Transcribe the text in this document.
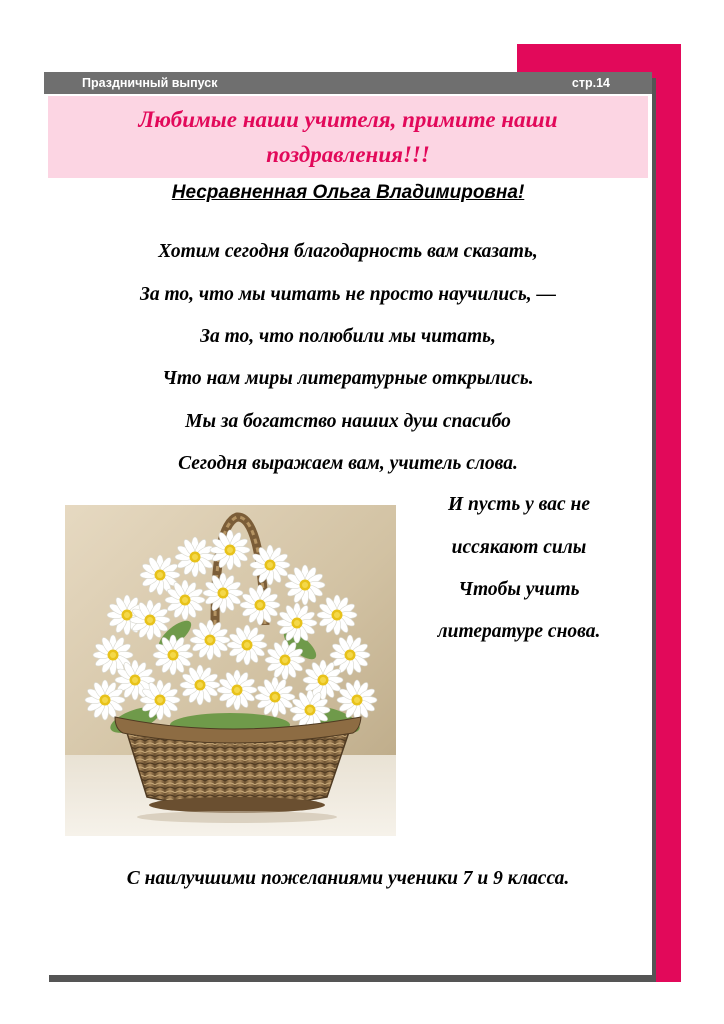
Праздничный выпуск	стр.14
Любимые наши учителя, примите наши
поздравления!!!
Несравненная Ольга Владимировна!
Хотим сегодня благодарность вам сказать,
За то, что мы читать не просто научились, —
За то, что полюбили мы читать,
Что нам миры литературные открылись.
Мы за богатство наших душ спасибо
Сегодня выражаем вам, учитель слова.
И пусть у вас не
иссякают силы
Чтобы учить
литературе снова.
С наилучшими пожеланиями ученики 7 и 9 класса.
